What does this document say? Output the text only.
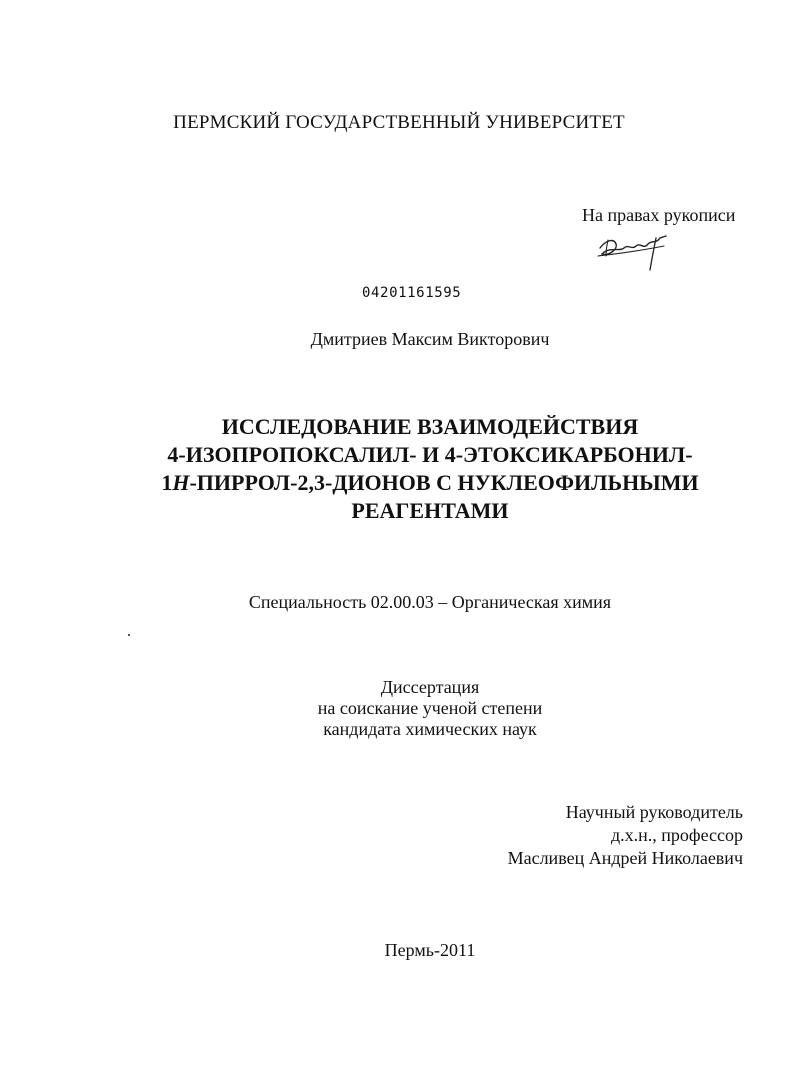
ПЕРМСКИЙ ГОСУДАРСТВЕННЫЙ УНИВЕРСИТЕТ
На правах рукописи
04201161595
Дмитриев Максим Викторович
ИССЛЕДОВАНИЕ ВЗАИМОДЕЙСТВИЯ
4-ИЗОПРОПОКСАЛИЛ- И 4-ЭТОКСИКАРБОНИЛ-
1H-ПИРРОЛ-2,3-ДИОНОВ С НУКЛЕОФИЛЬНЫМИ
РЕАГЕНТАМИ
Специальность 02.00.03 – Органическая химия
Диссертация
на соискание ученой степени
кандидата химических наук
Научный руководитель
д.х.н., профессор
Масливец Андрей Николаевич
Пермь-2011
